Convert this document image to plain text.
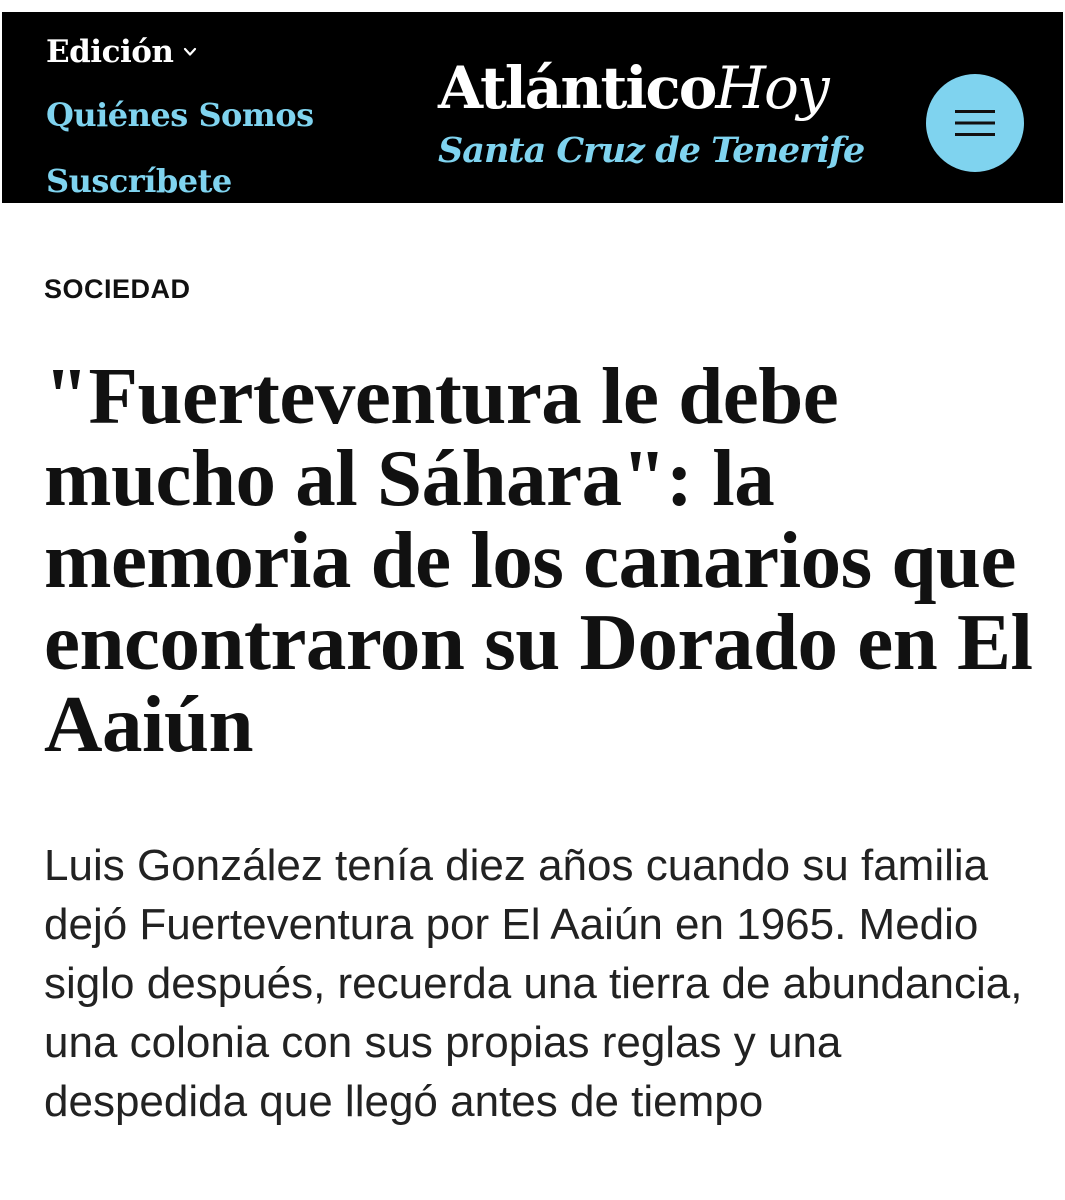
Edición
Quiénes Somos
Suscríbete
AtlánticoHoy
Santa Cruz de Tenerife
SOCIEDAD
"Fuerteventura le debe mucho al Sáhara": la memoria de los canarios que encontraron su Dorado en El Aaiún

Luis González tenía diez años cuando su familia dejó Fuerteventura por El Aaiún en 1965. Medio siglo después, recuerda una tierra de abundancia, una colonia con sus propias reglas y una despedida que llegó antes de tiempo
